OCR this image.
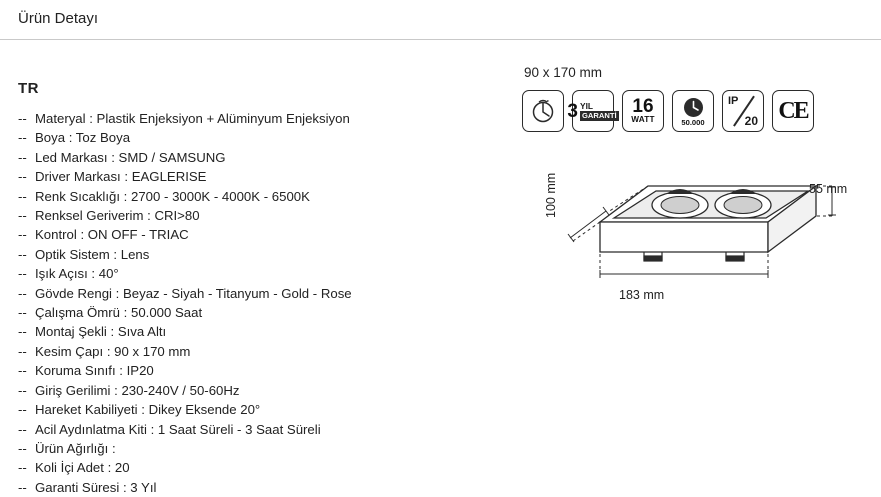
Ürün Detayı
TR
-- Materyal : Plastik Enjeksiyon + Alüminyum Enjeksiyon
-- Boya : Toz Boya
-- Led Markası : SMD / SAMSUNG
-- Driver Markası : EAGLERISE
-- Renk Sıcaklığı : 2700 - 3000K - 4000K - 6500K
-- Renksel Geriverim : CRI>80
-- Kontrol : ON OFF - TRIAC
-- Optik Sistem : Lens
-- Işık Açısı : 40°
-- Gövde Rengi : Beyaz - Siyah - Titanyum - Gold - Rose
-- Çalışma Ömrü : 50.000 Saat
-- Montaj Şekli : Sıva Altı
-- Kesim Çapı : 90 x 170 mm
-- Koruma Sınıfı : IP20
-- Giriş Gerilimi : 230-240V / 50-60Hz
-- Hareket Kabiliyeti : Dikey Eksende 20°
-- Acil Aydınlatma Kiti : 1 Saat Süreli - 3 Saat Süreli
-- Ürün Ağırlığı :
-- Koli İçi Adet : 20
-- Garanti Süresi : 3 Yıl
90 x 170 mm
3 YIL
GARANTİ 16
WATT	50.000
IP
20 CE
183 mm
100 mm	55 mm
